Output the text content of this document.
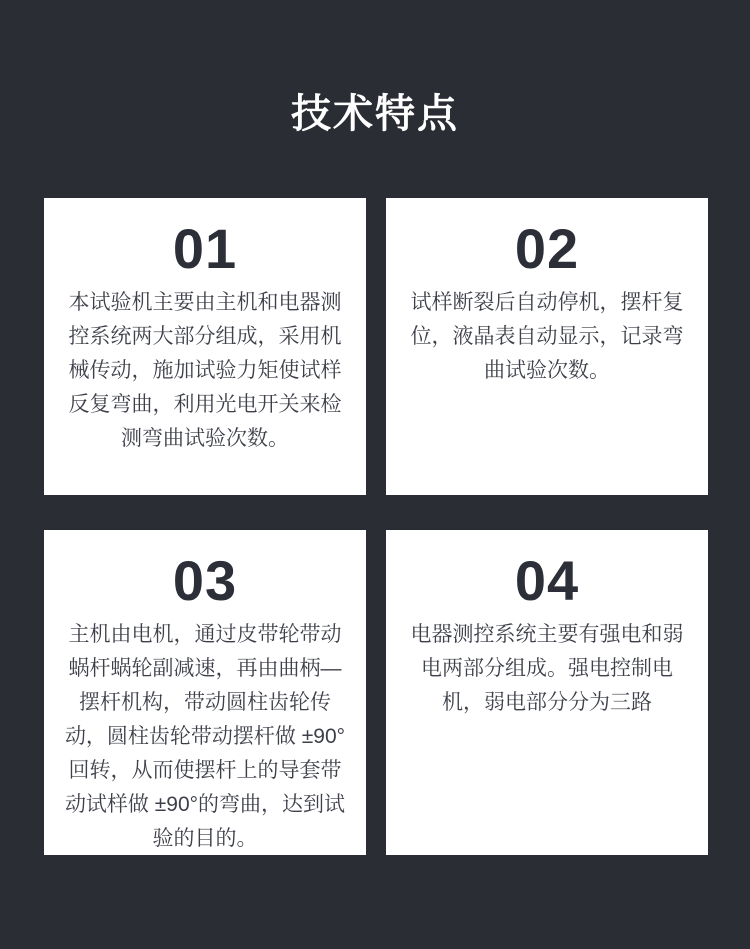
技术特点
01
本试验机主要由主机和电器测控系统两大部分组成，采用机械传动，施加试验力矩使试样反复弯曲，利用光电开关来检测弯曲试验次数。
02
试样断裂后自动停机，摆杆复位，液晶表自动显示，记录弯曲试验次数。
03
主机由电机，通过皮带轮带动蜗杆蜗轮副减速，再由曲柄—摆杆机构，带动圆柱齿轮传动，圆柱齿轮带动摆杆做 ±90°回转，从而使摆杆上的导套带动试样做 ±90°的弯曲，达到试验的目的。
04
电器测控系统主要有强电和弱电两部分组成。强电控制电机，弱电部分分为三路
